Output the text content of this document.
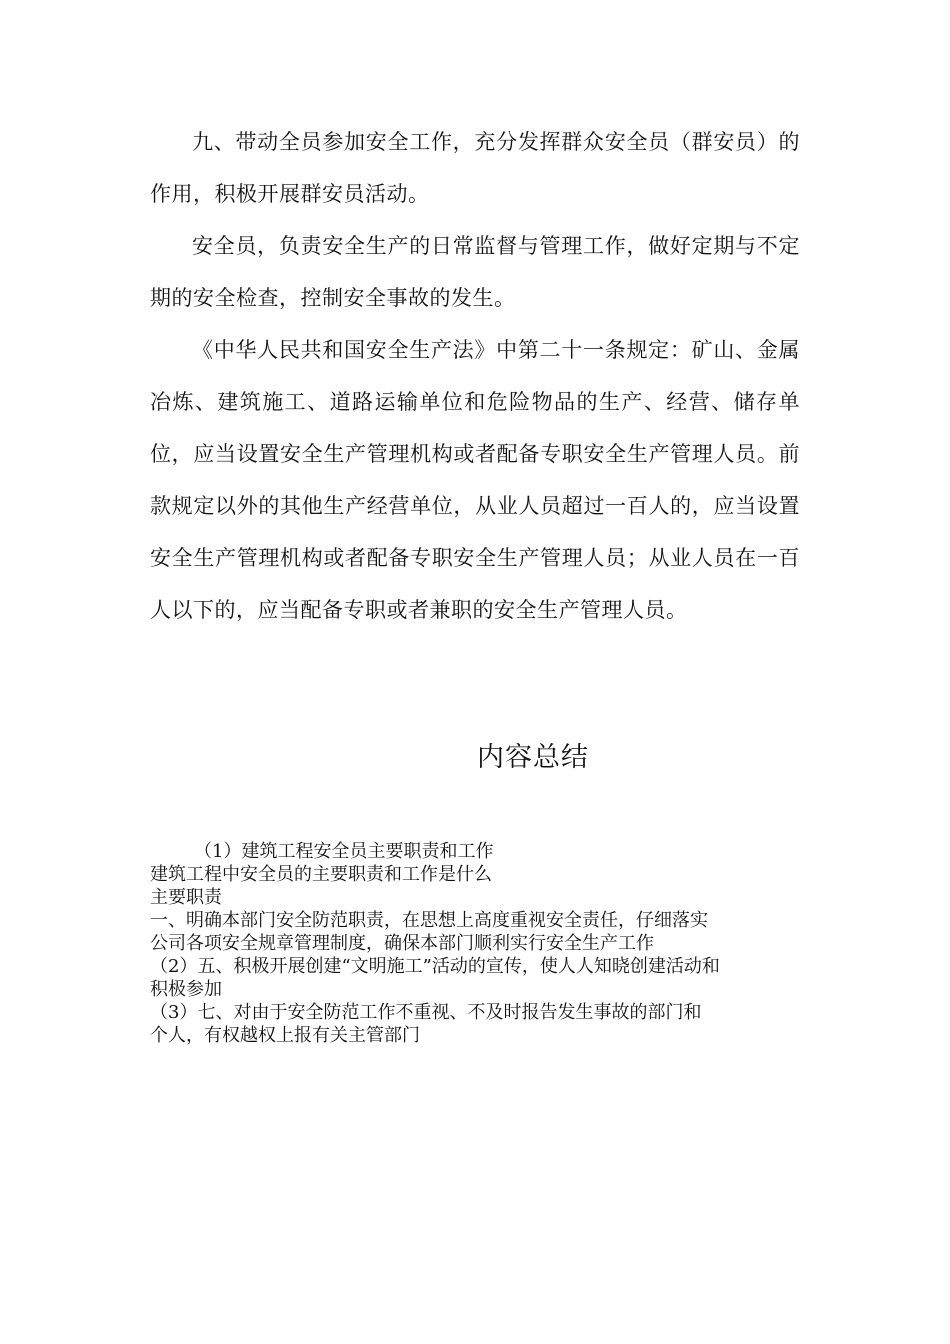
九、带动全员参加安全工作，充分发挥群众安全员（群安员）的作用，积极开展群安员活动。

安全员，负责安全生产的日常监督与管理工作，做好定期与不定期的安全检查，控制安全事故的发生。

《中华人民共和国安全生产法》中第二十一条规定：矿山、金属冶炼、建筑施工、道路运输单位和危险物品的生产、经营、储存单位，应当设置安全生产管理机构或者配备专职安全生产管理人员。前款规定以外的其他生产经营单位，从业人员超过一百人的，应当设置安全生产管理机构或者配备专职安全生产管理人员；从业人员在一百人以下的，应当配备专职或者兼职的安全生产管理人员。

内容总结

（1）建筑工程安全员主要职责和工作

建筑工程中安全员的主要职责和工作是什么

主要职责

一、明确本部门安全防范职责，在思想上高度重视安全责任，仔细落实

公司各项安全规章管理制度，确保本部门顺利实行安全生产工作

（2）五、积极开展创建“文明施工”活动的宣传，使人人知晓创建活动和

积极参加

（3）七、对由于安全防范工作不重视、不及时报告发生事故的部门和

个人，有权越权上报有关主管部门
